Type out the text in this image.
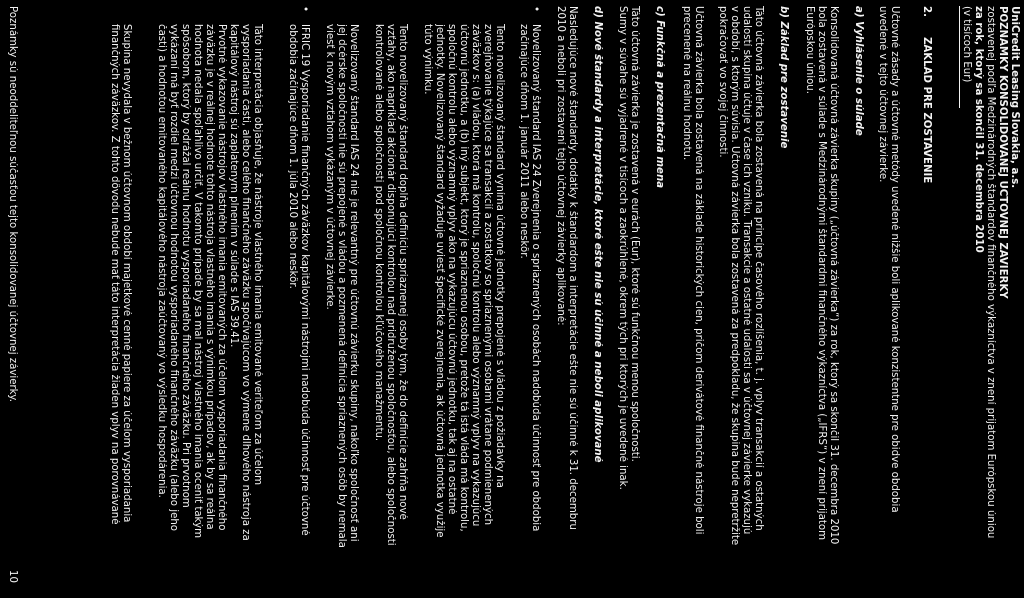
UniCredit Leasing Slovakia, a.s.
POZNÁMKY KONSOLIDOVANEJ ÚČTOVNEJ ZÁVIERKY
zostavenej podľa Medzinárodných štandardov finančného výkazníctva v znení prijatom Európskou úniou
za rok, ktorý sa skončil 31. decembra 2010
(v tisícoch Eur)
2.
ZÁKLAD PRE ZOSTAVENIE
Účtovné zásady a účtovné metódy uvedené nižšie boli aplikované konzistentne pre obidve obdobia
uvedené v tejto účtovnej závierke.
a) Vyhlásenie o súlade
Konsolidovaná účtovná závierka skupiny („účtovná závierka“) za rok, ktorý sa skončil 31. decembra 2010
bola zostavená v súlade s Medzinárodnými štandardmi finančného výkazníctva („IFRS“) v znení prijatom
Európskou úniou.
b) Základ pre zostavenie
Táto účtovná závierka bola zostavená na princípe časového rozlíšenia, t. j. vplyv transakcií a ostatných
udalostí skupina účtuje v čase ich vzniku. Transakcie a ostatné udalosti sa v účtovnej závierke vykazujú
v období, s ktorým súvisia. Účtovná závierka bola zostavená za predpokladu, že skupina bude nepretržite
pokračovať vo svojej činnosti.
Účtovná závierka bola zostavená na základe historických cien, pričom derivátové finančné nástroje boli
precenené na reálnu hodnotu.
c) Funkčná a prezentačná mena
Táto účtovná závierka je zostavená v eurách (Eur), ktoré sú funkčnou menou spoločnosti.
Sumy v súvahe sú vyjadrené v tisícoch a zaokrúhlené, okrem tých pri ktorých je uvedené inak.
d) Nové štandardy a interpretácie, ktoré ešte nie sú účinné a neboli aplikované
Nasledujúce nové štandardy, dodatky k štandardom a interpretácie ešte nie sú účinné k 31. decembru
2010 a neboli pri zostavení tejto účtovnej závierky aplikované:
•
Novelizovaný štandard IAS 24 Zverejnenia o spriaznených osobách nadobúda účinnosť pre obdobia
začínajúce dňom 1. január 2011 alebo neskôr.
Tento novelizovaný štandard vyníma účtovné jednotky prepojené s vládou z požiadavky na
zverejňovanie týkajúce sa transakcií a zostatkov so spriaznenými osobami vrátane podmienených
záväzkov s: (a) vládou, ktorá má kontrolu, spoločnú kontrolu alebo významný vplyv na vykazujúcu
účtovnú jednotku, a (b) iný subjekt, ktorý je spriaznenou osobou, pretože tá istá vláda má kontrolu,
spoločnú kontrolu alebo významný vplyv ako na vykazujúcu účtovnú jednotku, tak aj na ostatné
jednotky. Novelizovaný štandard vyžaduje uviesť špecifické zverejnenia, ak účtovná jednotka využije
túto výnimku.
Tento novelizovaný štandard dopĺňa definíciu spriaznenej osoby tým, že do definície zahŕňa nové
vzťahy, ako napríklad akcionár disponujúci kontrolou nad pridruženou spoločnosťou, alebo spoločnosti
kontrolované alebo spoločnosti pod spoločnou kontrolou kľúčového manažmentu.
Novelizovaný štandard IAS 24 nie je relevantný pre účtovnú závierku skupiny, nakoľko spoločnosť ani
jej dcérske spoločnosti nie sú prepojené s vládou a pozmenená definícia spriaznených osôb by nemala
viesť k novým vzťahom vykázaným v účtovnej závierke.
•
IFRIC 19 Vysporiadanie finančných záväzkov kapitálovými nástrojmi nadobúda účinnosť pre účtovné
obdobia začínajúce dňom 1. júla 2010 alebo neskôr.
Táto interpretácia objasňuje, že nástroje vlastného imania emitované veriteľom za účelom
vysporiadania časti, alebo celého finančného záväzku spočívajúcom vo výmene dlhového nástroja za
kapitálový nástroj sú zaplatenym plnením v súlade s IAS 39.41.
Prvotné vykazovanie nástrojov vlastného imania emitovaných za účelom vysporiadania finančného
záväzku je v reálnej hodnote tohto nástroja vlastného imania s výnimkou prípadov, ak by sa reálna
hodnota nedala spoľahlivo určiť. V takomto prípade by sa mal nástroj vlastného imania oceniť takým
spôsobom, ktorý by odrážal reálnu hodnotu vysporiadaného finančného záväzku. Pri prvotnom
vykázaní má byť rozdiel medzi účtovnou hodnotou vysporiadaného finančného záväzku (alebo jeho
časti) a hodnotou emitovaného kapitálového nástroja zaúčtovaný vo výsledku hospodárenia.
Skupina nevydala v bežnom účtovnom období majetkové cenné papiere za účelom vysporiadania
finančných záväzkov. Z tohto dôvodu nebude mať táto interpretácia žiaden vplyv na porovnávané
Poznámky sú neoddeliteľnou súčasťou tejto konsolidovanej účtovnej závierky.
10
